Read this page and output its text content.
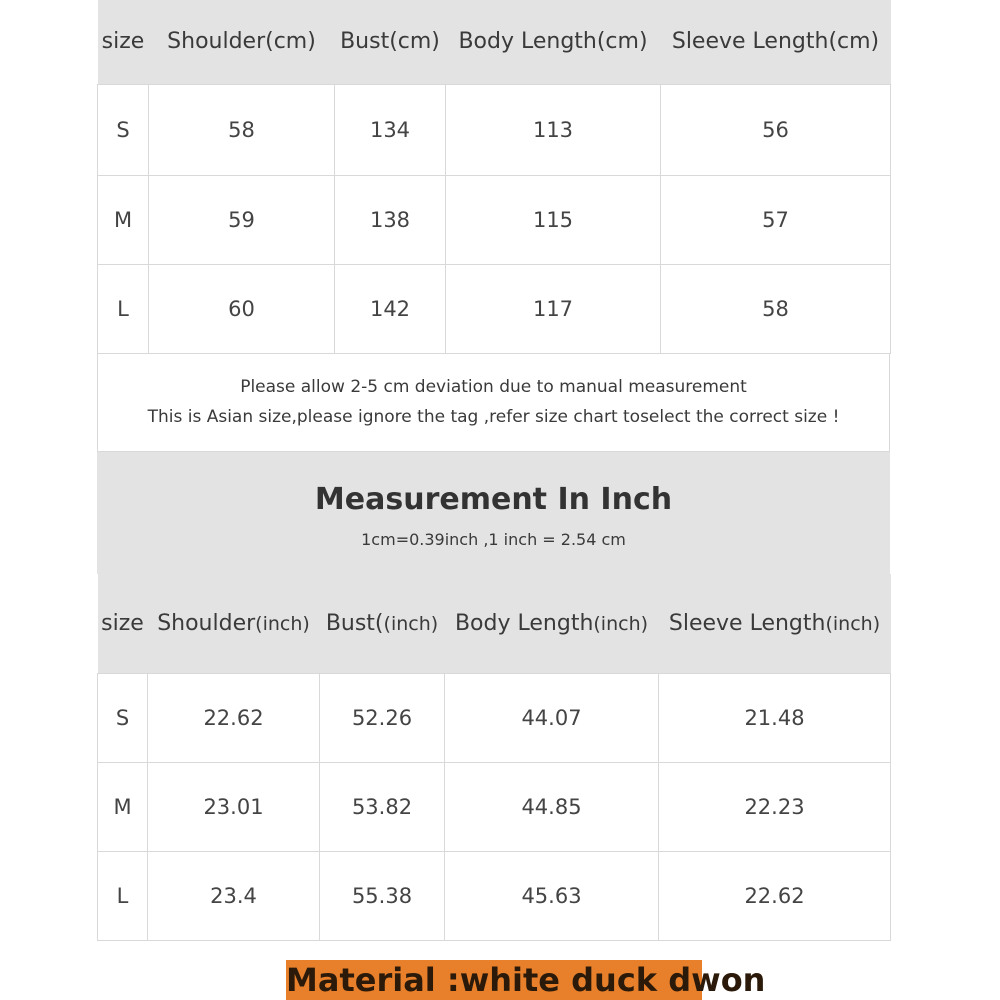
size	Shoulder(cm)	Bust(cm)	Body Length(cm)	Sleeve Length(cm)
S	58	134	113	56
M	59	138	115	57
L	60	142	117	58
Please allow 2-5 cm deviation due to manual measurement
This is Asian size,please ignore the tag ,refer size chart toselect the correct size !
Measurement In Inch
1cm=0.39inch ,1 inch = 2.54 cm
size	Shoulder(inch)	Bust((inch)	Body Length(inch)	Sleeve Length(inch)
S	22.62	52.26	44.07	21.48
M	23.01	53.82	44.85	22.23
L	23.4	55.38	45.63	22.62
Material :white duck dwon
